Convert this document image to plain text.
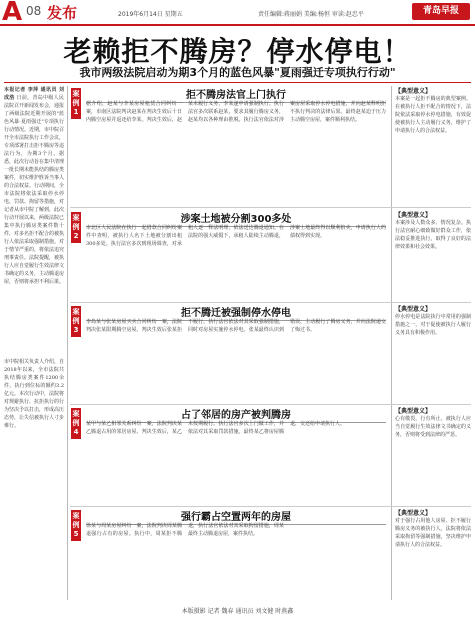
A 08 发布	2019年6月14日 星期五	责任编辑:蒋丽娟 美编:杨恒 审读:赵忠平	青岛早报
老赖拒不腾房？停水停电！
我市两级法院启动为期3个月的蓝色风暴"夏雨强迁专项执行行动"
本报记者 李萍 通讯员 刘成浩 日前，青岛中级人民法院召开新闻发布会，通报了两级法院近期开展的"蓝色风暴·夏雨强迁"专项执行行动情况。近期，市中院召开全市法院执行工作会议，专项部署打击拒不腾房等违法行为，为期3个月。据悉，此次行动旨在集中清理一批长期未能执结的腾房类案件，切实维护胜诉当事人的合法权益。行动期间，全市法院将依法采取停水停电、罚款、拘留等措施，对
记者从市中院了解到，此次行动开展以来，两级法院已集中执行腾房类案件数十件，对多名拒不配合的被执行人依法采取强制措施。对于情节严重的，将依法追究刑事责任。法院提醒，被执行人应自觉履行生效法律文书确定的义务，主动腾退房屋，否则将承担不利后果。
市中院相关负责人介绍，自2018年以来，全市法院共执结腾房类案件1200余件，执行到位标的额约3.2亿元。本次行动中，法院将对规避执行、抗拒执行的行为坚决予以打击，形成高压态势，让失信被执行人寸步难行。
案例1
拒不腾房法官上门执行
据介绍，赵某与李某房屋租赁合同纠纷一案，市南区法院判决赵某在判决生效后十日内腾空房屋并返还给李某。判决生效后，赵某未履行义务，李某遂申请强制执行。执行法官多次联系赵某，要求其履行腾房义务，赵某均以各种理由推脱。执行法官依法对涉案房屋采取停水停电措施，并向赵某释明拒不执行判决的法律后果。最终赵某迫于压力主动腾空房屋，案件顺利执结。
【典型意义】
本案是一起拒不腾房的典型案例。在被执行人拒不配合的情况下，法院依法采取停水停电措施，有效促使被执行人主动履行义务，维护了申请执行人的合法权益。
案例2
涉案土地被分割300多处
市北区人民法院在执行一起借款合同纠纷案件中查明，被执行人名下土地被分割出租300多处。执行法官多次到现场调查，对承租人逐一释法明理，依法送达腾退通知。在法院的强大威慑下，承租人陆续主动腾退，涉案土地最终得以顺利拍卖，申请执行人的债权得到实现。
【典型意义】
本案涉及人数众多、情况复杂。执行法官耐心细致做好群众工作，依法稳妥推进执行，取得了良好的法律效果和社会效果。
案例3
拒不腾迁被强制停水停电
李岛某与张某房屋买卖合同纠纷一案，法院判决张某限期腾空房屋。判决生效后张某拒不履行，执行法官依法对其采取强制措施，同时对房屋实施停水停电。张某最终认识到错误，主动履行了腾房义务，并向法院递交了悔过书。
【典型意义】
停水停电是法院执行中常用的强制措施之一，对于促使被执行人履行义务具有积极作用。
案例4
占了邻居的房产被判腾房
某甲与某乙相邻关系纠纷一案，法院判决某乙腾退占用的邻居房屋。判决生效后，某乙未按期履行。执行法官多次上门做工作，并依法对其采取罚款措施。最终某乙将房屋腾退，交还给申请执行人。
【典型意义】
心有敬畏，行有所止。被执行人应当自觉履行生效法律文书确定的义务，否则将受到法律的严惩。
案例5
强行霸占空置两年的房屋
徐某与周某房屋纠纷一案，法院判决周某腾退强行占有的房屋。执行中，周某拒不腾退，执行法官依法对其采取拘留措施，周某最终主动腾退房屋，案件执结。
【典型意义】
对于强行占用他人房屋、拒不履行腾房义务的被执行人，法院将依法采取拘留等强制措施，坚决维护申请执行人的合法权益。
本版摄影 记者 魏春 通讯员 刘文健 时燕鑫
